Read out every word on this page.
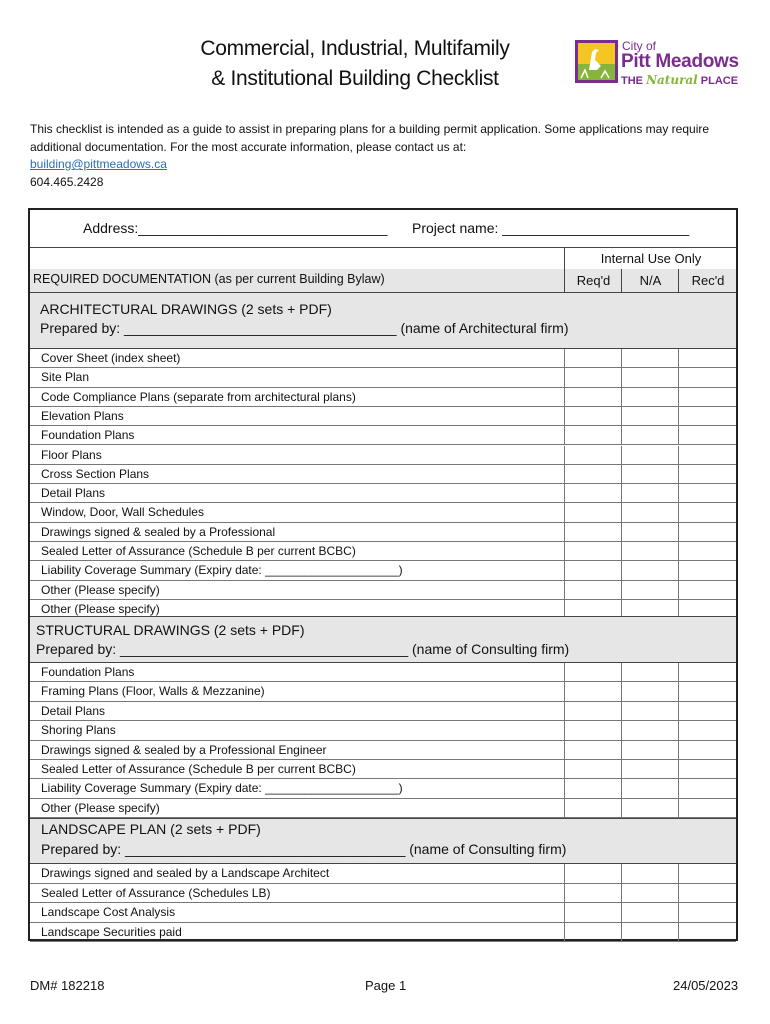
Commercial, Industrial, Multifamily
& Institutional Building Checklist
City of
Pitt Meadows
THE Natural PLACE
This checklist is intended as a guide to assist in preparing plans for a building permit application. Some applications may require additional documentation. For the most accurate information, please contact us at:
building@pittmeadows.ca
604.465.2428
Address:________________________________ Project name: ________________________
Internal Use Only
REQUIRED DOCUMENTATION (as per current Building Bylaw)	Req'd	N/A	Rec'd
ARCHITECTURAL DRAWINGS (2 sets + PDF)
Prepared by: ___________________________________ (name of Architectural firm)
Cover Sheet (index sheet)
Site Plan
Code Compliance Plans (separate from architectural plans)
Elevation Plans
Foundation Plans
Floor Plans
Cross Section Plans
Detail Plans
Window, Door, Wall Schedules
Drawings signed & sealed by a Professional
Sealed Letter of Assurance (Schedule B per current BCBC)
Liability Coverage Summary (Expiry date: ____________________)
Other (Please specify)
Other (Please specify)
STRUCTURAL DRAWINGS (2 sets + PDF)
Prepared by: _____________________________________ (name of Consulting firm)
Foundation Plans
Framing Plans (Floor, Walls & Mezzanine)
Detail Plans
Shoring Plans
Drawings signed & sealed by a Professional Engineer
Sealed Letter of Assurance (Schedule B per current BCBC)
Liability Coverage Summary (Expiry date: ____________________)
Other (Please specify)
LANDSCAPE PLAN (2 sets + PDF)
Prepared by: ____________________________________ (name of Consulting firm)
Drawings signed and sealed by a Landscape Architect
Sealed Letter of Assurance (Schedules LB)
Landscape Cost Analysis
Landscape Securities paid
DM# 182218	Page 1	24/05/2023
